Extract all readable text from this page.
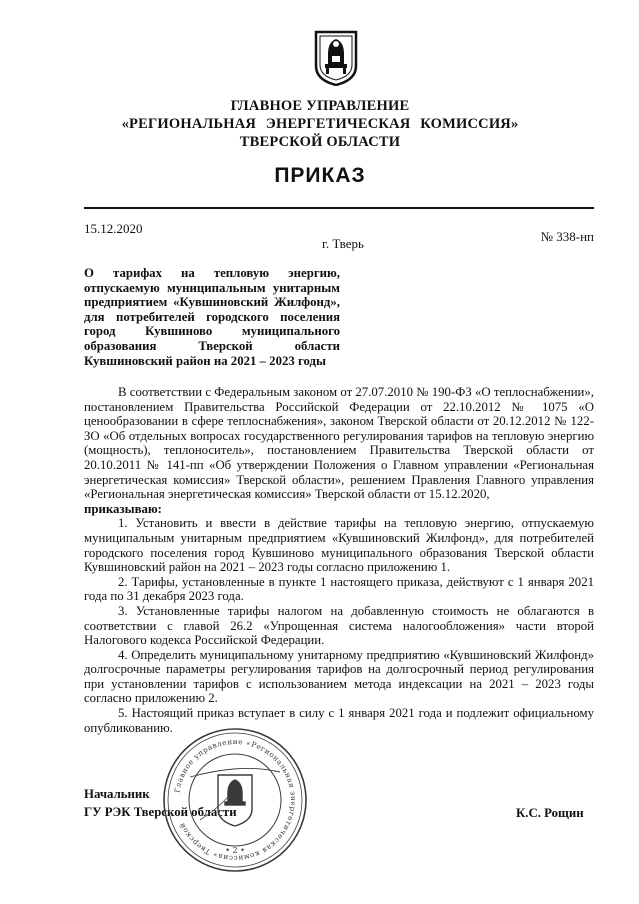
ГЛАВНОЕ УПРАВЛЕНИЕ
«РЕГИОНАЛЬНАЯ ЭНЕРГЕТИЧЕСКАЯ КОМИССИЯ»
ТВЕРСКОЙ ОБЛАСТИ
ПРИКАЗ
15.12.2020
№ 338-нп
г. Тверь
О тарифах на тепловую энергию, отпускаемую муниципальным унитарным предприятием «Кувшиновский Жилфонд», для потребителей городского поселения город Кувшиново муниципального образования Тверской области Кувшиновский район на 2021 – 2023 годы

В соответствии с Федеральным законом от 27.07.2010 № 190-ФЗ «О теплоснабжении», постановлением Правительства Российской Федерации от 22.10.2012 № 1075 «О ценообразовании в сфере теплоснабжения», законом Тверской области от 20.12.2012 № 122-ЗО «Об отдельных вопросах государственного регулирования тарифов на тепловую энергию (мощность), теплоноситель», постановлением Правительства Тверской области от 20.10.2011 № 141-пп «Об утверждении Положения о Главном управлении «Региональная энергетическая комиссия» Тверской области», решением Правления Главного управления «Региональная энергетическая комиссия» Тверской области от 15.12.2020,

приказываю:

1. Установить и ввести в действие тарифы на тепловую энергию, отпускаемую муниципальным унитарным предприятием «Кувшиновский Жилфонд», для потребителей городского поселения город Кувшиново муниципального образования Тверской области Кувшиновский район на 2021 – 2023 годы согласно приложению 1.

2. Тарифы, установленные в пункте 1 настоящего приказа, действуют с 1 января 2021 года по 31 декабря 2023 года.

3. Установленные тарифы налогом на добавленную стоимость не облагаются в соответствии с главой 26.2 «Упрощенная система налогообложения» части второй Налогового кодекса Российской Федерации.

4. Определить муниципальному унитарному предприятию «Кувшиновский Жилфонд» долгосрочные параметры регулирования тарифов на долгосрочный период регулирования при установлении тарифов с использованием метода индексации на 2021 – 2023 годы согласно приложению 2.

5. Настоящий приказ вступает в силу с 1 января 2021 года и подлежит официальному опубликованию.

Начальник
ГУ РЭК Тверской области	К.С. Рощин
Главное управление «Региональная энергетическая комиссия» Тверской
• 2 •
